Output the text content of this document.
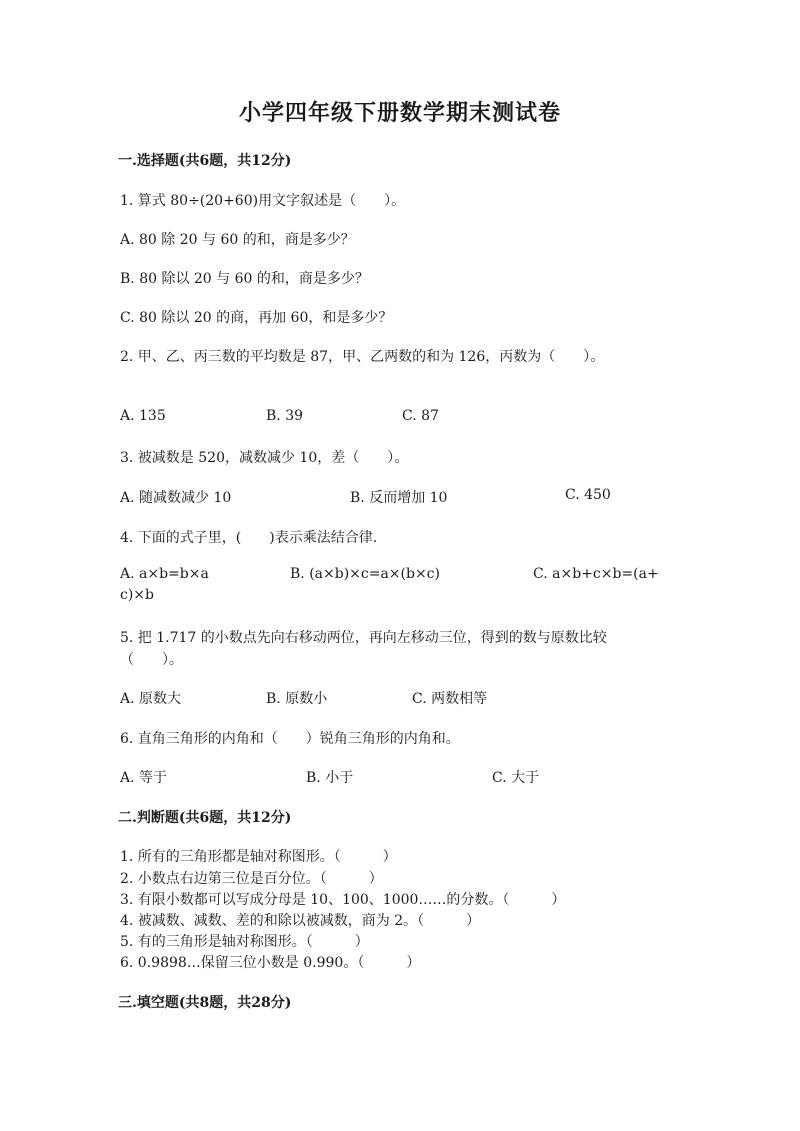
小学四年级下册数学期末测试卷
一.选择题(共6题，共12分)
1. 算式 80÷(20+60)用文字叙述是（　　）。
A. 80 除 20 与 60 的和，商是多少？
B. 80 除以 20 与 60 的和，商是多少？
C. 80 除以 20 的商，再加 60，和是多少？
2. 甲、乙、丙三数的平均数是 87，甲、乙两数的和为 126，丙数为（　　）。
A. 135	B. 39	C. 87
3. 被减数是 520，减数减少 10，差（　　）。
A. 随减数减少 10	B. 反而增加 10	C. 450
4. 下面的式子里，(　　)表示乘法结合律.
A. a×b=b×a	B. (a×b)×c=a×(b×c)	C. a×b+c×b=(a+
c)×b
5. 把 1.717 的小数点先向右移动两位，再向左移动三位，得到的数与原数比较
（　　）。
A. 原数大	B. 原数小	C. 两数相等
6. 直角三角形的内角和（　　）锐角三角形的内角和。
A. 等于	B. 小于	C. 大于
二.判断题(共6题，共12分)
1. 所有的三角形都是轴对称图形。（　　　）
2. 小数点右边第三位是百分位。（　　　）
3. 有限小数都可以写成分母是 10、100、1000……的分数。（　　　）
4. 被减数、减数、差的和除以被减数，商为 2。（　　　）
5. 有的三角形是轴对称图形。（　　　）
6. 0.9898…保留三位小数是 0.990。（　　　）
三.填空题(共8题，共28分)
